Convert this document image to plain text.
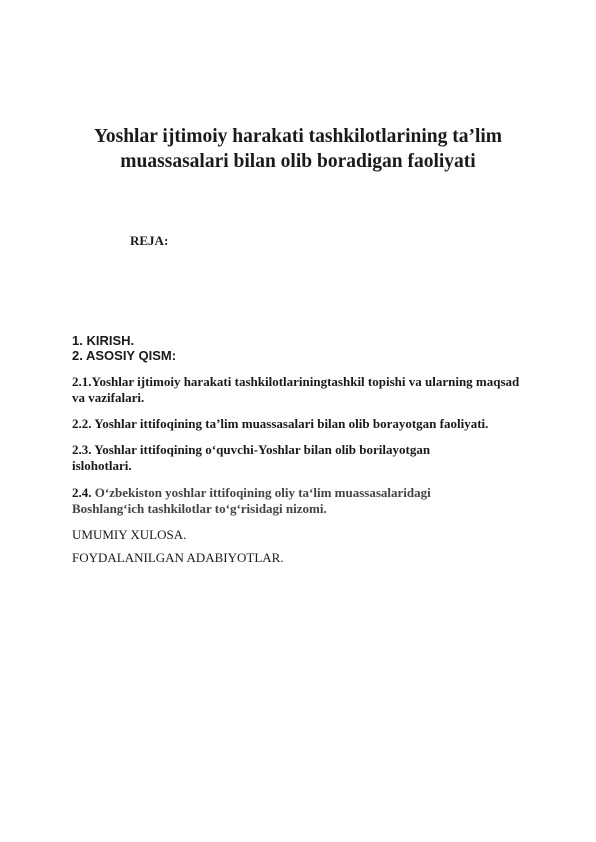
Yoshlar ijtimoiy harakati tashkilotlarining ta’lim muassasalari bilan olib boradigan faoliyati

REJA:

1. KIRISH.

2. ASOSIY QISM:

2.1.Yoshlar ijtimoiy harakati tashkilotlariningtashkil topishi va ularning maqsad va vazifalari.

2.2. Yoshlar ittifoqining ta’lim muassasalari bilan olib borayotgan faoliyati.

2.3. Yoshlar ittifoqining o‘quvchi-Yoshlar bilan olib borilayotgan islohotlari.

2.4. O‘zbekiston yoshlar ittifoqining oliy ta‘lim muassasalaridagi Boshlang‘ich tashkilotlar to‘g‘risidagi nizomi.

UMUMIY XULOSA.

FOYDALANILGAN ADABIYOTLAR.
